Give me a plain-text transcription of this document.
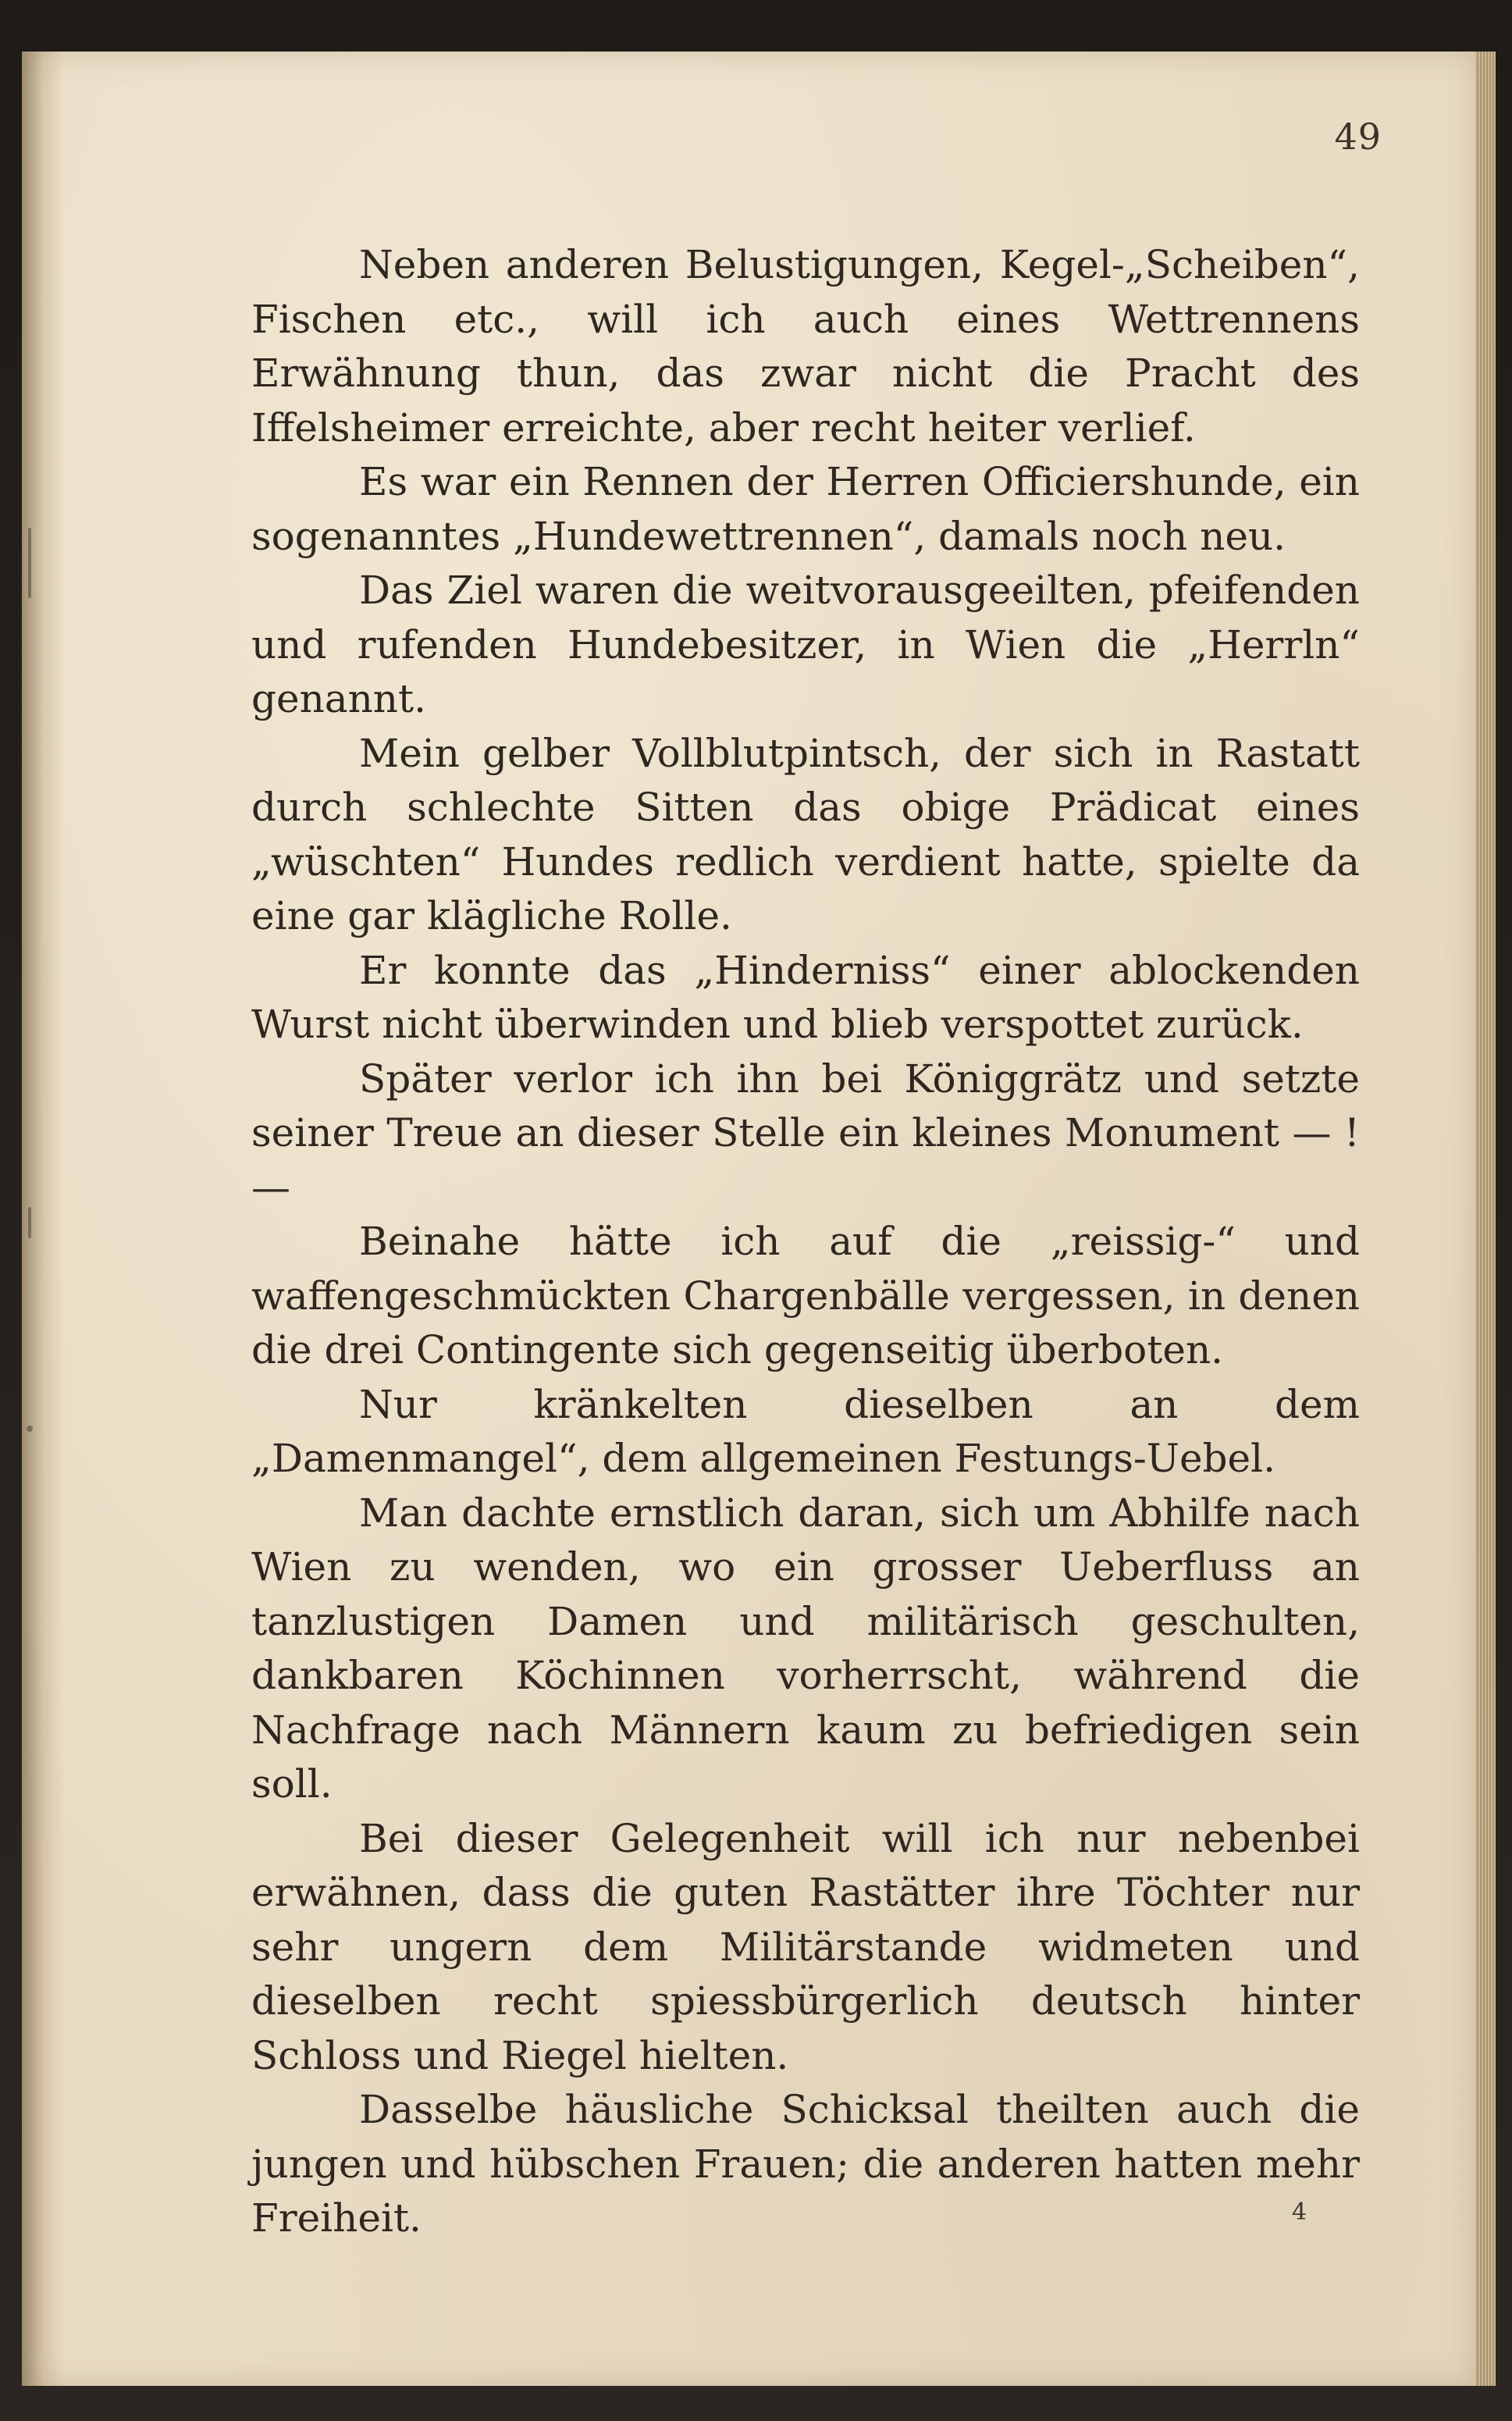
49

Neben anderen Belustigungen, Kegel-„Scheiben“, Fischen etc., will ich auch eines Wettrennens Erwähnung thun, das zwar nicht die Pracht des Iffelsheimer erreichte, aber recht heiter verlief.

Es war ein Rennen der Herren Officiershunde, ein sogenanntes „Hundewettrennen“, damals noch neu.

Das Ziel waren die weitvorausgeeilten, pfeifenden und rufenden Hundebesitzer, in Wien die „Herrln“ genannt.

Mein gelber Vollblutpintsch, der sich in Rastatt durch schlechte Sitten das obige Prädicat eines „wüschten“ Hundes redlich verdient hatte, spielte da eine gar klägliche Rolle.

Er konnte das „Hinderniss“ einer ablockenden Wurst nicht überwinden und blieb verspottet zurück.

Später verlor ich ihn bei Königgrätz und setzte seiner Treue an dieser Stelle ein kleines Monument — ! —

Beinahe hätte ich auf die „reissig-“ und waffengeschmückten Chargenbälle vergessen, in denen die drei Contingente sich gegenseitig überboten.

Nur kränkelten dieselben an dem „Damenmangel“, dem allgemeinen Festungs-Uebel.

Man dachte ernstlich daran, sich um Abhilfe nach Wien zu wenden, wo ein grosser Ueberfluss an tanzlustigen Damen und militärisch geschulten, dankbaren Köchinnen vorherrscht, während die Nachfrage nach Männern kaum zu befriedigen sein soll.

Bei dieser Gelegenheit will ich nur nebenbei erwähnen, dass die guten Rastätter ihre Töchter nur sehr ungern dem Militärstande widmeten und dieselben recht spiessbürgerlich deutsch hinter Schloss und Riegel hielten.

Dasselbe häusliche Schicksal theilten auch die jungen und hübschen Frauen; die anderen hatten mehr Freiheit.	4
